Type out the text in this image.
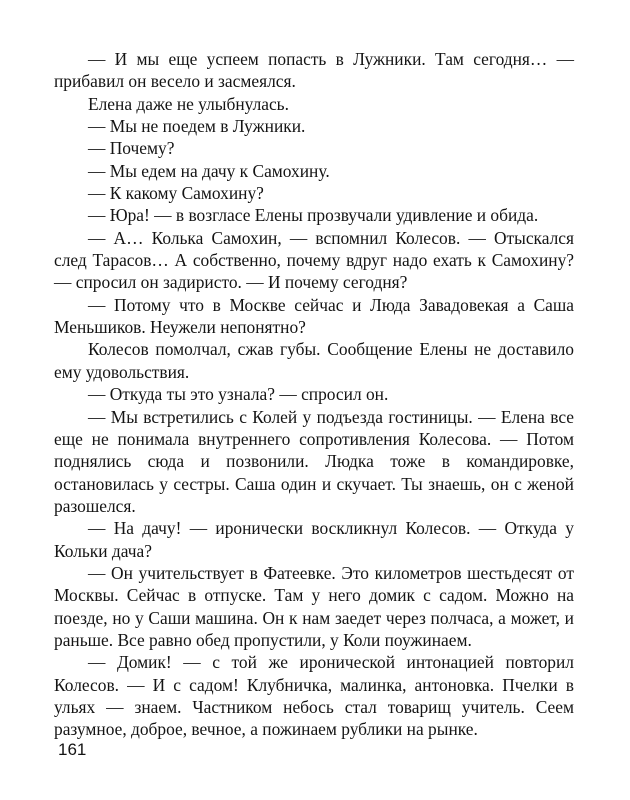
— И мы еще успеем попасть в Лужники. Там сегодня… — прибавил он весело и засмеялся.

Елена даже не улыбнулась.

— Мы не поедем в Лужники.

— Почему?

— Мы едем на дачу к Самохину.

— К какому Самохину?

— Юра! — в возгласе Елены прозвучали удивление и обида.

— А… Колька Самохин, — вспомнил Колесов. — Отыскался след Тарасов… А собственно, почему вдруг надо ехать к Самохину? — спросил он задиристо. — И почему сегодня?

— Потому что в Москве сейчас и Люда Завадовекая а Саша Меньшиков. Неужели непонятно?

Колесов помолчал, сжав губы. Сообщение Елены не доставило ему удовольствия.

— Откуда ты это узнала? — спросил он.

— Мы встретились с Колей у подъезда гостиницы. — Елена все еще не понимала внутреннего сопротивления Колесова. — Потом поднялись сюда и позвонили. Людка тоже в командировке, остановилась у сестры. Саша один и скучает. Ты знаешь, он с женой разошелся.

— На дачу! — иронически воскликнул Колесов. — Откуда у Кольки дача?

— Он учительствует в Фатеевке. Это километров шестьдесят от Москвы. Сейчас в отпуске. Там у него домик с садом. Можно на поезде, но у Саши машина. Он к нам заедет через полчаса, а может, и раньше. Все равно обед пропустили, у Коли поужинаем.

— Домик! — с той же иронической интонацией повторил Колесов. — И с садом! Клубничка, малинка, антоновка. Пчелки в ульях — знаем. Частником небось стал товарищ учитель. Сеем разумное, доброе, вечное, а пожинаем рублики на рынке.

161
